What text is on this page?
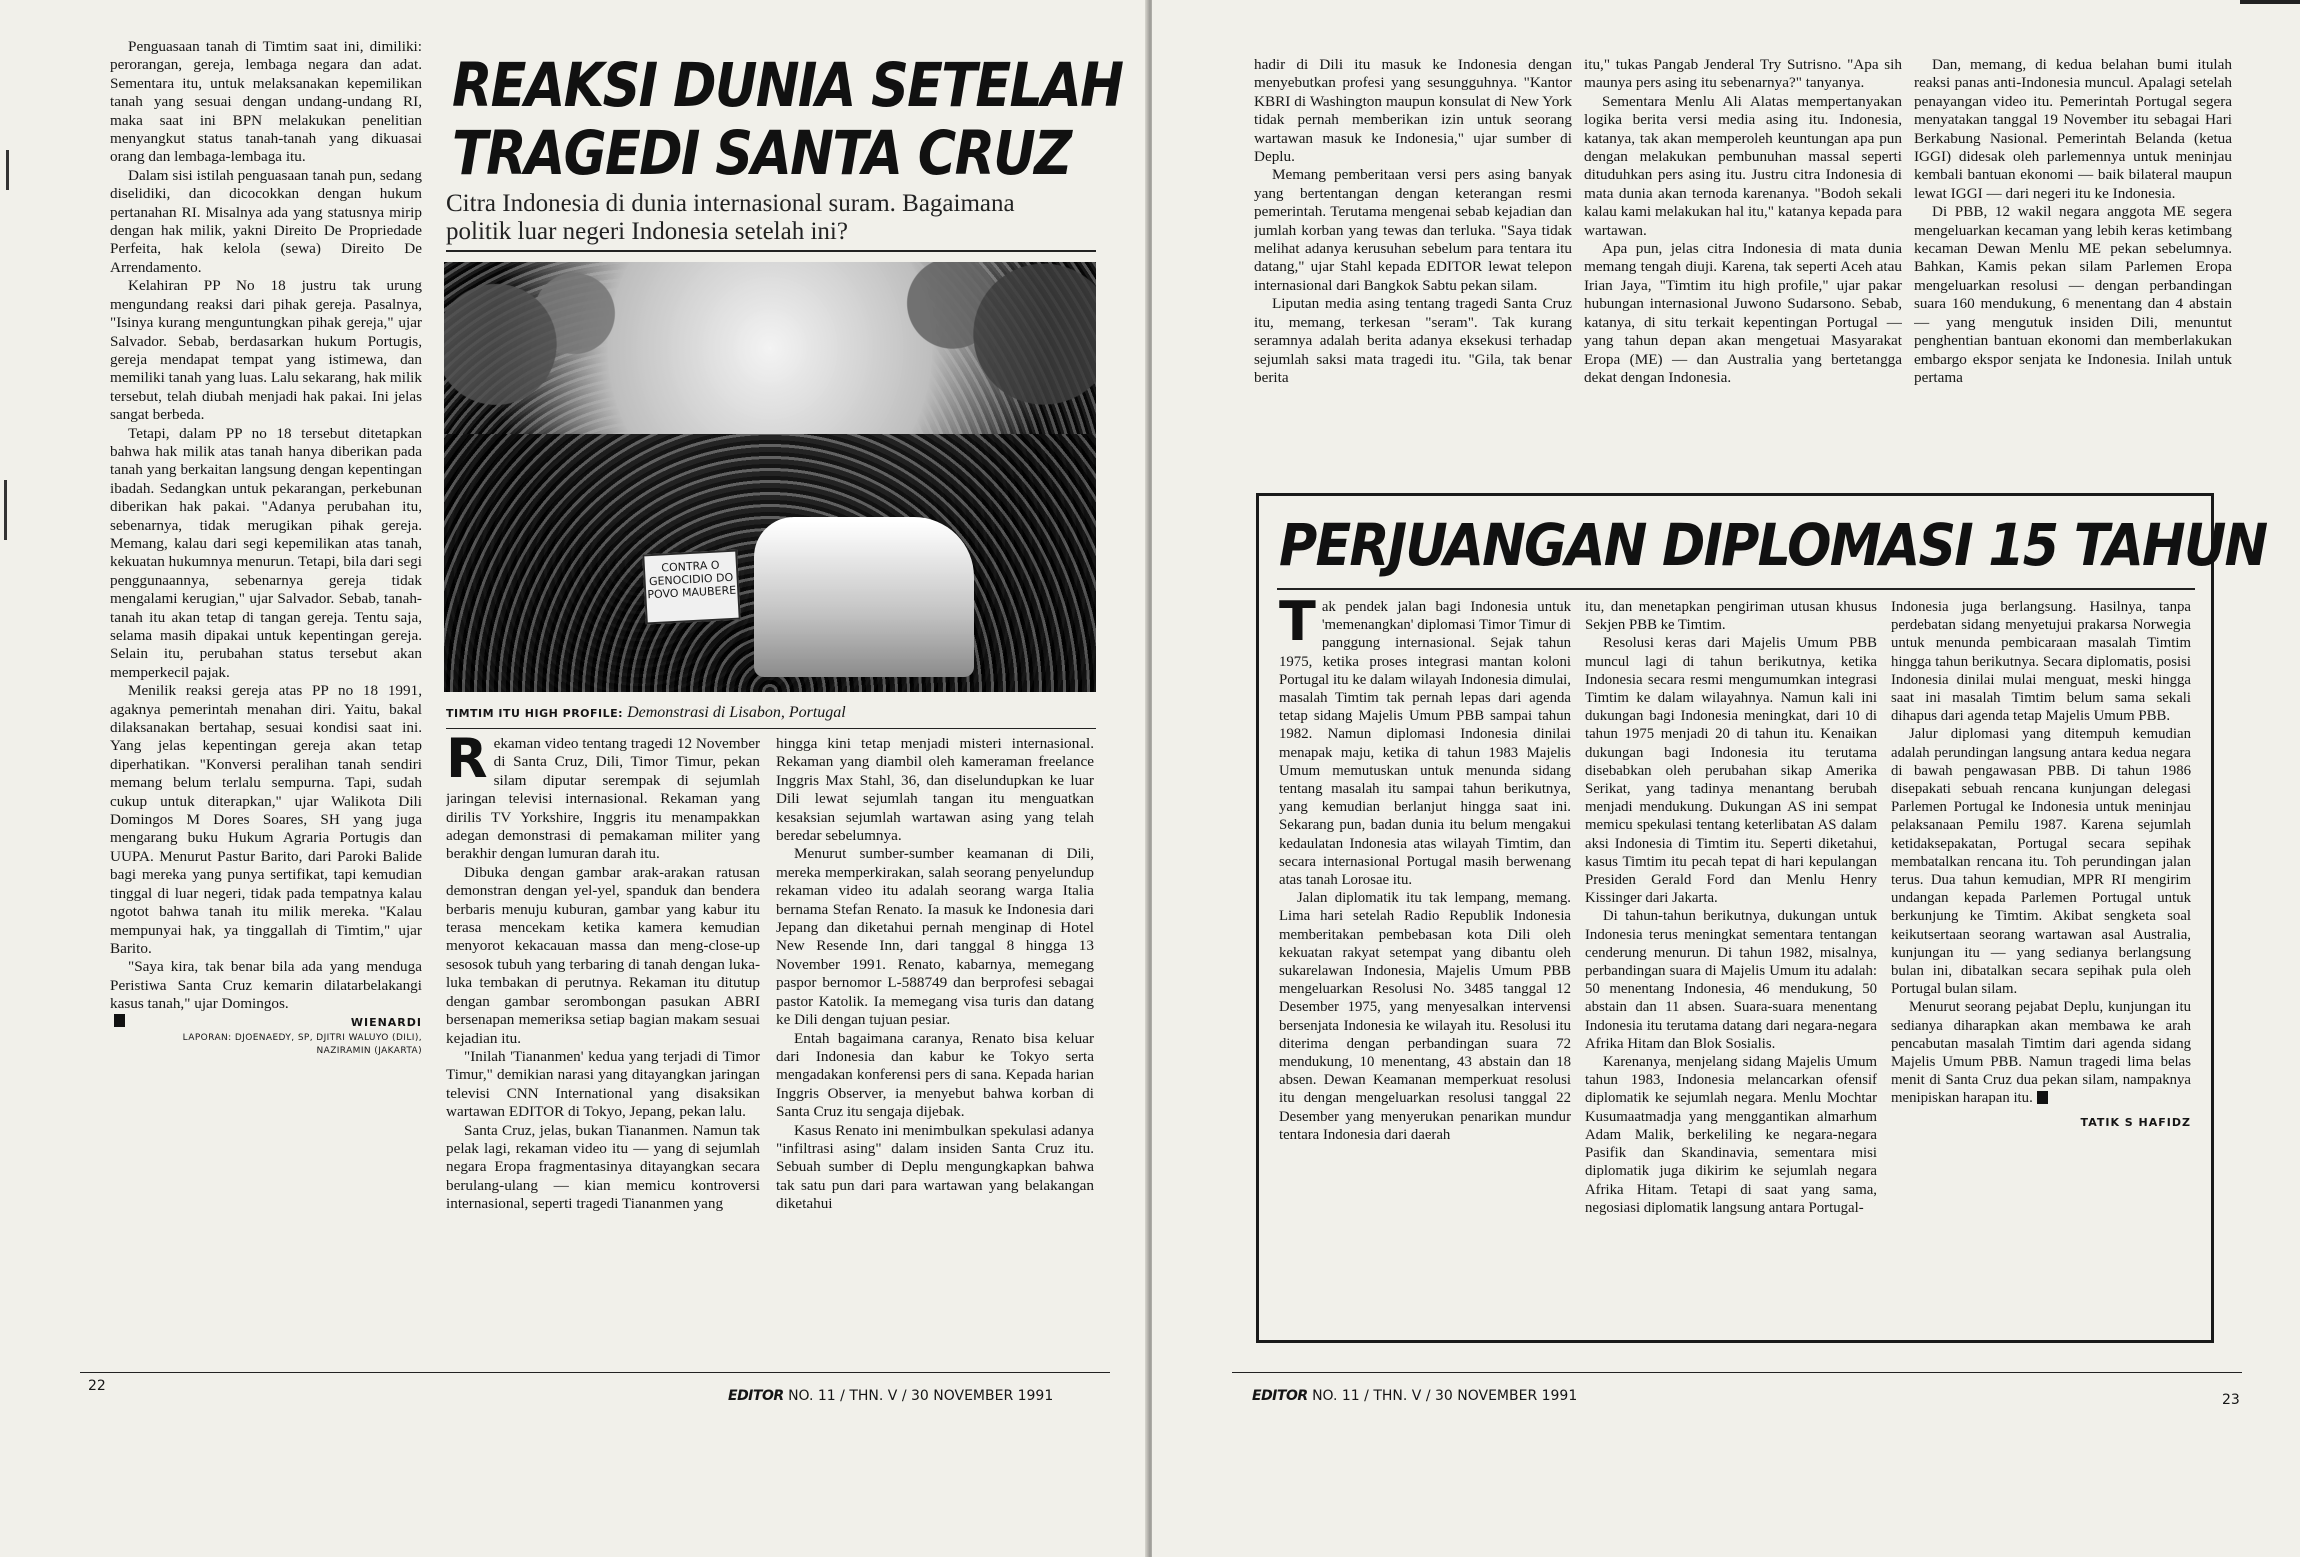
Penguasaan tanah di Timtim saat ini, dimiliki: perorangan, gereja, lembaga negara dan adat. Sementara itu, untuk melaksanakan kepemilikan tanah yang sesuai dengan undang-undang RI, maka saat ini BPN melakukan penelitian menyangkut status tanah-tanah yang dikuasai orang dan lembaga-lembaga itu.

Dalam sisi istilah penguasaan tanah pun, sedang diselidiki, dan dicocokkan dengan hukum pertanahan RI. Misalnya ada yang statusnya mirip dengan hak milik, yakni Direito De Propriedade Perfeita, hak kelola (sewa) Direito De Arrendamento.

Kelahiran PP No 18 justru tak urung mengundang reaksi dari pihak gereja. Pasalnya, "Isinya kurang menguntungkan pihak gereja," ujar Salvador. Sebab, berdasarkan hukum Portugis, gereja mendapat tempat yang istimewa, dan memiliki tanah yang luas. Lalu sekarang, hak milik tersebut, telah diubah menjadi hak pakai. Ini jelas sangat berbeda.

Tetapi, dalam PP no 18 tersebut ditetapkan bahwa hak milik atas tanah hanya diberikan pada tanah yang berkaitan langsung dengan kepentingan ibadah. Sedangkan untuk pekarangan, perkebunan diberikan hak pakai. "Adanya perubahan itu, sebenarnya, tidak merugikan pihak gereja. Memang, kalau dari segi kepemilikan atas tanah, kekuatan hukumnya menurun. Tetapi, bila dari segi penggunaannya, sebenarnya gereja tidak mengalami kerugian," ujar Salvador. Sebab, tanah-tanah itu akan tetap di tangan gereja. Tentu saja, selama masih dipakai untuk kepentingan gereja. Selain itu, perubahan status tersebut akan memperkecil pajak.

Menilik reaksi gereja atas PP no 18 1991, agaknya pemerintah menahan diri. Yaitu, bakal dilaksanakan bertahap, sesuai kondisi saat ini. Yang jelas kepentingan gereja akan tetap diperhatikan. "Konversi peralihan tanah sendiri memang belum terlalu sempurna. Tapi, sudah cukup untuk diterapkan," ujar Walikota Dili Domingos M Dores Soares, SH yang juga mengarang buku Hukum Agraria Portugis dan UUPA. Menurut Pastur Barito, dari Paroki Balide bagi mereka yang punya sertifikat, tapi kemudian tinggal di luar negeri, tidak pada tempatnya kalau ngotot bahwa tanah itu milik mereka. "Kalau mempunyai hak, ya tinggallah di Timtim," ujar Barito.

"Saya kira, tak benar bila ada yang menduga Peristiwa Santa Cruz kemarin dilatarbelakangi kasus tanah," ujar Domingos.

WIENARDI
LAPORAN: DJOENAEDY, SP, DJITRI WALUYO (DILI),
NAZIRAMIN (JAKARTA)
REAKSI DUNIA SETELAH
TRAGEDI SANTA CRUZ
Citra Indonesia di dunia internasional suram. Bagaimana politik luar negeri Indonesia setelah ini?
CONTRA O GENOCIDIO DO POVO MAUBERE
TIMTIM ITU HIGH PROFILE: Demonstrasi di Lisabon, Portugal

Rekaman video tentang tragedi 12 November di Santa Cruz, Dili, Timor Timur, pekan silam diputar serempak di sejumlah jaringan televisi internasional. Rekaman yang dirilis TV Yorkshire, Inggris itu menampakkan adegan demonstrasi di pemakaman militer yang berakhir dengan lumuran darah itu.

Dibuka dengan gambar arak-arakan ratusan demonstran dengan yel-yel, spanduk dan bendera berbaris menuju kuburan, gambar yang kabur itu terasa mencekam ketika kamera kemudian menyorot kekacauan massa dan meng-close-up sesosok tubuh yang terbaring di tanah dengan luka-luka tembakan di perutnya. Rekaman itu ditutup dengan gambar serombongan pasukan ABRI bersenapan memeriksa setiap bagian makam sesuai kejadian itu.

"Inilah 'Tiananmen' kedua yang terjadi di Timor Timur," demikian narasi yang ditayangkan jaringan televisi CNN International yang disaksikan wartawan EDITOR di Tokyo, Jepang, pekan lalu.

Santa Cruz, jelas, bukan Tiananmen. Namun tak pelak lagi, rekaman video itu — yang di sejumlah negara Eropa fragmentasinya ditayangkan secara berulang-ulang — kian memicu kontroversi internasional, seperti tragedi Tiananmen yang

hingga kini tetap menjadi misteri internasional. Rekaman yang diambil oleh kameraman freelance Inggris Max Stahl, 36, dan diselundupkan ke luar Dili lewat sejumlah tangan itu menguatkan kesaksian sejumlah wartawan asing yang telah beredar sebelumnya.

Menurut sumber-sumber keamanan di Dili, mereka memperkirakan, salah seorang penyelundup rekaman video itu adalah seorang warga Italia bernama Stefan Renato. Ia masuk ke Indonesia dari Jepang dan diketahui pernah menginap di Hotel New Resende Inn, dari tanggal 8 hingga 13 November 1991. Renato, kabarnya, memegang paspor bernomor L-588749 dan berprofesi sebagai pastor Katolik. Ia memegang visa turis dan datang ke Dili dengan tujuan pesiar.

Entah bagaimana caranya, Renato bisa keluar dari Indonesia dan kabur ke Tokyo serta mengadakan konferensi pers di sana. Kepada harian Inggris Observer, ia menyebut bahwa korban di Santa Cruz itu sengaja dijebak.

Kasus Renato ini menimbulkan spekulasi adanya "infiltrasi asing" dalam insiden Santa Cruz itu. Sebuah sumber di Deplu mengungkapkan bahwa tak satu pun dari para wartawan yang belakangan diketahui

22
EDITOR NO. 11 / THN. V / 30 NOVEMBER 1991

hadir di Dili itu masuk ke Indonesia dengan menyebutkan profesi yang sesungguhnya. "Kantor KBRI di Washington maupun konsulat di New York tidak pernah memberikan izin untuk seorang wartawan masuk ke Indonesia," ujar sumber di Deplu.

Memang pemberitaan versi pers asing banyak yang bertentangan dengan keterangan resmi pemerintah. Terutama mengenai sebab kejadian dan jumlah korban yang tewas dan terluka. "Saya tidak melihat adanya kerusuhan sebelum para tentara itu datang," ujar Stahl kepada EDITOR lewat telepon internasional dari Bangkok Sabtu pekan silam.

Liputan media asing tentang tragedi Santa Cruz itu, memang, terkesan "seram". Tak kurang seramnya adalah berita adanya eksekusi terhadap sejumlah saksi mata tragedi itu. "Gila, tak benar berita

itu," tukas Pangab Jenderal Try Sutrisno. "Apa sih maunya pers asing itu sebenarnya?" tanyanya.

Sementara Menlu Ali Alatas mempertanyakan logika berita versi media asing itu. Indonesia, katanya, tak akan memperoleh keuntungan apa pun dengan melakukan pembunuhan massal seperti dituduhkan pers asing itu. Justru citra Indonesia di mata dunia akan ternoda karenanya. "Bodoh sekali kalau kami melakukan hal itu," katanya kepada para wartawan.

Apa pun, jelas citra Indonesia di mata dunia memang tengah diuji. Karena, tak seperti Aceh atau Irian Jaya, "Timtim itu high profile," ujar pakar hubungan internasional Juwono Sudarsono. Sebab, katanya, di situ terkait kepentingan Portugal — yang tahun depan akan mengetuai Masyarakat Eropa (ME) — dan Australia yang bertetangga dekat dengan Indonesia.

Dan, memang, di kedua belahan bumi itulah reaksi panas anti-Indonesia muncul. Apalagi setelah penayangan video itu. Pemerintah Portugal segera menyatakan tanggal 19 November itu sebagai Hari Berkabung Nasional. Pemerintah Belanda (ketua IGGI) didesak oleh parlemennya untuk meninjau kembali bantuan ekonomi — baik bilateral maupun lewat IGGI — dari negeri itu ke Indonesia.

Di PBB, 12 wakil negara anggota ME segera mengeluarkan kecaman yang lebih keras ketimbang kecaman Dewan Menlu ME pekan sebelumnya. Bahkan, Kamis pekan silam Parlemen Eropa mengeluarkan resolusi — dengan perbandingan suara 160 mendukung, 6 menentang dan 4 abstain — yang mengutuk insiden Dili, menuntut penghentian bantuan ekonomi dan memberlakukan embargo ekspor senjata ke Indonesia. Inilah untuk pertama

PERJUANGAN DIPLOMASI 15 TAHUN

Tak pendek jalan bagi Indonesia untuk 'memenangkan' diplomasi Timor Timur di panggung internasional. Sejak tahun 1975, ketika proses integrasi mantan koloni Portugal itu ke dalam wilayah Indonesia dimulai, masalah Timtim tak pernah lepas dari agenda tetap sidang Majelis Umum PBB sampai tahun 1982. Namun diplomasi Indonesia dinilai menapak maju, ketika di tahun 1983 Majelis Umum memutuskan untuk menunda sidang tentang masalah itu sampai tahun berikutnya, yang kemudian berlanjut hingga saat ini. Sekarang pun, badan dunia itu belum mengakui kedaulatan Indonesia atas wilayah Timtim, dan secara internasional Portugal masih berwenang atas tanah Lorosae itu.

Jalan diplomatik itu tak lempang, memang. Lima hari setelah Radio Republik Indonesia memberitakan pembebasan kota Dili oleh kekuatan rakyat setempat yang dibantu oleh sukarelawan Indonesia, Majelis Umum PBB mengeluarkan Resolusi No. 3485 tanggal 12 Desember 1975, yang menyesalkan intervensi bersenjata Indonesia ke wilayah itu. Resolusi itu diterima dengan perbandingan suara 72 mendukung, 10 menentang, 43 abstain dan 18 absen. Dewan Keamanan memperkuat resolusi itu dengan mengeluarkan resolusi tanggal 22 Desember yang menyerukan penarikan mundur tentara Indonesia dari daerah

itu, dan menetapkan pengiriman utusan khusus Sekjen PBB ke Timtim.

Resolusi keras dari Majelis Umum PBB muncul lagi di tahun berikutnya, ketika Indonesia secara resmi mengumumkan integrasi Timtim ke dalam wilayahnya. Namun kali ini dukungan bagi Indonesia meningkat, dari 10 di tahun 1975 menjadi 20 di tahun itu. Kenaikan dukungan bagi Indonesia itu terutama disebabkan oleh perubahan sikap Amerika Serikat, yang tadinya menantang berubah menjadi mendukung. Dukungan AS ini sempat memicu spekulasi tentang keterlibatan AS dalam aksi Indonesia di Timtim itu. Seperti diketahui, kasus Timtim itu pecah tepat di hari kepulangan Presiden Gerald Ford dan Menlu Henry Kissinger dari Jakarta.

Di tahun-tahun berikutnya, dukungan untuk Indonesia terus meningkat sementara tentangan cenderung menurun. Di tahun 1982, misalnya, perbandingan suara di Majelis Umum itu adalah: 50 menentang Indonesia, 46 mendukung, 50 abstain dan 11 absen. Suara-suara menentang Indonesia itu terutama datang dari negara-negara Afrika Hitam dan Blok Sosialis.

Karenanya, menjelang sidang Majelis Umum tahun 1983, Indonesia melancarkan ofensif diplomatik ke sejumlah negara. Menlu Mochtar Kusumaatmadja yang menggantikan almarhum Adam Malik, berkeliling ke negara-negara Pasifik dan Skandinavia, sementara misi diplomatik juga dikirim ke sejumlah negara Afrika Hitam. Tetapi di saat yang sama, negosiasi diplomatik langsung antara Portugal-

Indonesia juga berlangsung. Hasilnya, tanpa perdebatan sidang menyetujui prakarsa Norwegia untuk menunda pembicaraan masalah Timtim hingga tahun berikutnya. Secara diplomatis, posisi Indonesia dinilai mulai menguat, meski hingga saat ini masalah Timtim belum sama sekali dihapus dari agenda tetap Majelis Umum PBB.

Jalur diplomasi yang ditempuh kemudian adalah perundingan langsung antara kedua negara di bawah pengawasan PBB. Di tahun 1986 disepakati sebuah rencana kunjungan delegasi Parlemen Portugal ke Indonesia untuk meninjau pelaksanaan Pemilu 1987. Karena sejumlah ketidaksepakatan, Portugal secara sepihak membatalkan rencana itu. Toh perundingan jalan terus. Dua tahun kemudian, MPR RI mengirim undangan kepada Parlemen Portugal untuk berkunjung ke Timtim. Akibat sengketa soal keikutsertaan seorang wartawan asal Australia, kunjungan itu — yang sedianya berlangsung bulan ini, dibatalkan secara sepihak pula oleh Portugal bulan silam.

Menurut seorang pejabat Deplu, kunjungan itu sedianya diharapkan akan membawa ke arah pencabutan masalah Timtim dari agenda sidang Majelis Umum PBB. Namun tragedi lima belas menit di Santa Cruz dua pekan silam, nampaknya menipiskan harapan itu.

TATIK S HAFIDZ
EDITOR NO. 11 / THN. V / 30 NOVEMBER 1991	23
